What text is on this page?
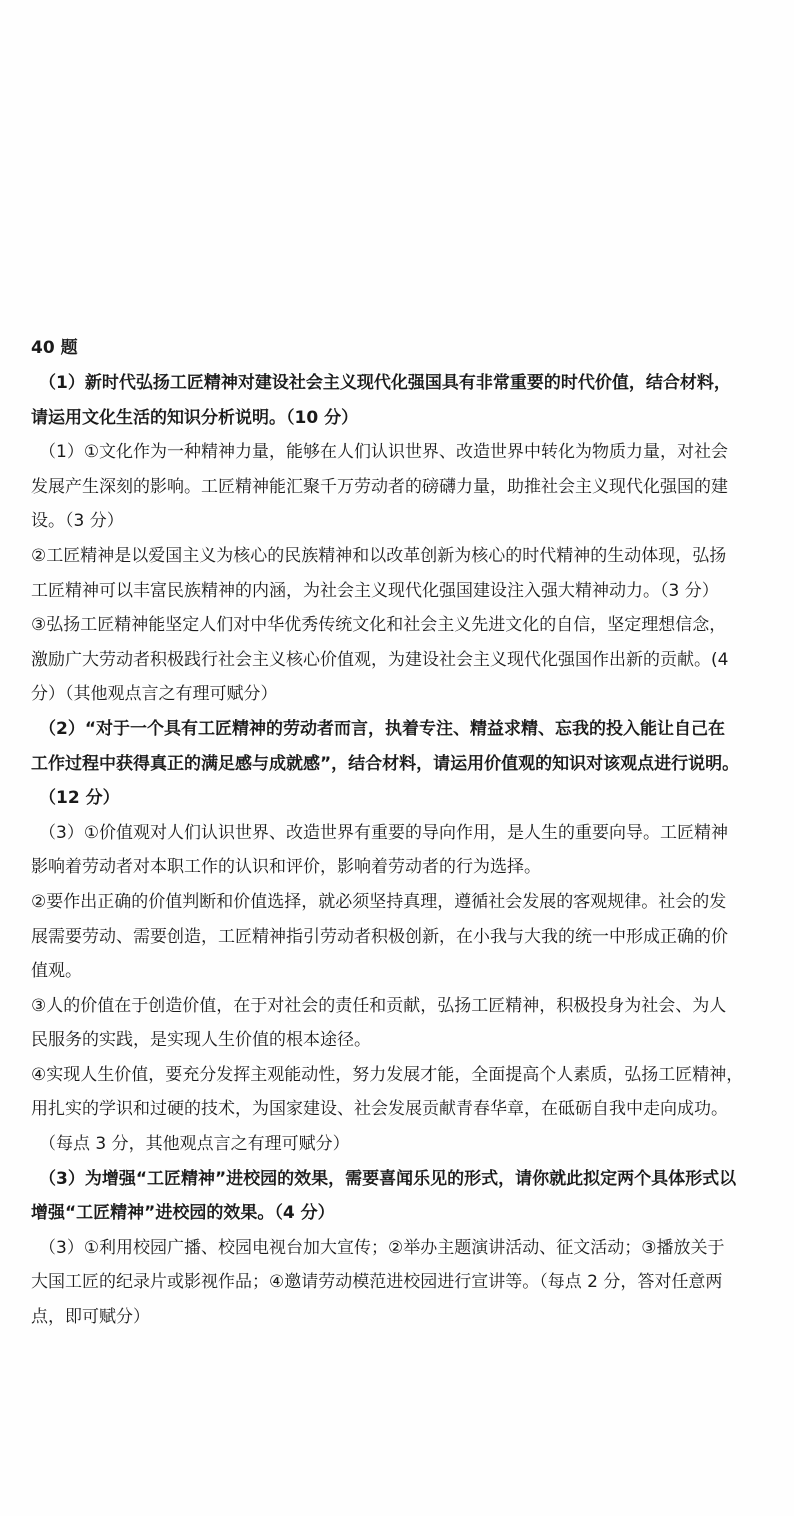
40 题
（1）新时代弘扬工匠精神对建设社会主义现代化强国具有非常重要的时代价值，结合材料，
请运用文化生活的知识分析说明。（10 分）
（1）①文化作为一种精神力量，能够在人们认识世界、改造世界中转化为物质力量，对社会
发展产生深刻的影响。工匠精神能汇聚千万劳动者的磅礴力量，助推社会主义现代化强国的建
设。（3 分）
②工匠精神是以爱国主义为核心的民族精神和以改革创新为核心的时代精神的生动体现，弘扬
工匠精神可以丰富民族精神的内涵，为社会主义现代化强国建设注入强大精神动力。（3 分）
③弘扬工匠精神能坚定人们对中华优秀传统文化和社会主义先进文化的自信，坚定理想信念，
激励广大劳动者积极践行社会主义核心价值观，为建设社会主义现代化强国作出新的贡献。(4
分）（其他观点言之有理可赋分）
（2）“对于一个具有工匠精神的劳动者而言，执着专注、精益求精、忘我的投入能让自己在
工作过程中获得真正的满足感与成就感”，结合材料，请运用价值观的知识对该观点进行说明。
（12 分）
（3）①价值观对人们认识世界、改造世界有重要的导向作用，是人生的重要向导。工匠精神
影响着劳动者对本职工作的认识和评价，影响着劳动者的行为选择。
②要作出正确的价值判断和价值选择，就必须坚持真理，遵循社会发展的客观规律。社会的发
展需要劳动、需要创造，工匠精神指引劳动者积极创新，在小我与大我的统一中形成正确的价
值观。
③人的价值在于创造价值，在于对社会的责任和贡献，弘扬工匠精神，积极投身为社会、为人
民服务的实践，是实现人生价值的根本途径。
④实现人生价值，要充分发挥主观能动性，努力发展才能，全面提高个人素质，弘扬工匠精神，
用扎实的学识和过硬的技术，为国家建设、社会发展贡献青春华章，在砥砺自我中走向成功。
（每点 3 分，其他观点言之有理可赋分）
（3）为增强“工匠精神”进校园的效果，需要喜闻乐见的形式，请你就此拟定两个具体形式以
增强“工匠精神”进校园的效果。（4 分）
（3）①利用校园广播、校园电视台加大宣传；②举办主题演讲活动、征文活动；③播放关于
大国工匠的纪录片或影视作品；④邀请劳动模范进校园进行宣讲等。（每点 2 分，答对任意两
点，即可赋分）
